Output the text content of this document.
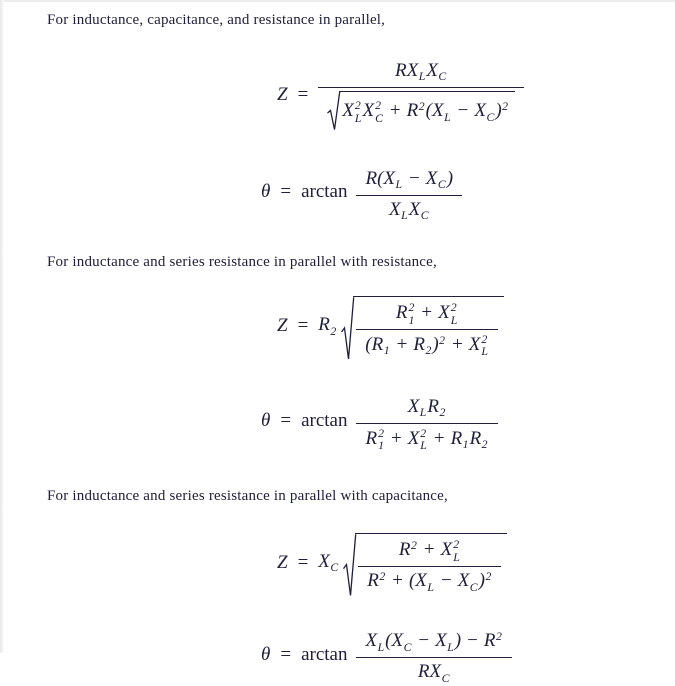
For inductance, capacitance, and resistance in parallel,

$Z = RX_LX_C$
X 2
L X 2
$C + R^2(X_L - X_C)^2$
$\theta = \arctan \frac{R(X_L - X_C)}{X_LX_C}$

For inductance and series resistance in parallel with resistance,

$Z = R_2$ R 2
1 + X 2
L
$(R_1 + R_2)^2 + X$ 2
L
$\theta = \arctan X_LR_2$
R 2
1 + X 2
$L + R_1R_2$

For inductance and series resistance in parallel with capacitance,

$Z = X_C$ $R^2 + X$ 2
L
$R^2 + (X_L - X_C)^2$
$\theta = \arctan \frac{X_L(X_C - X_L) - R^2}{RX_C}$
